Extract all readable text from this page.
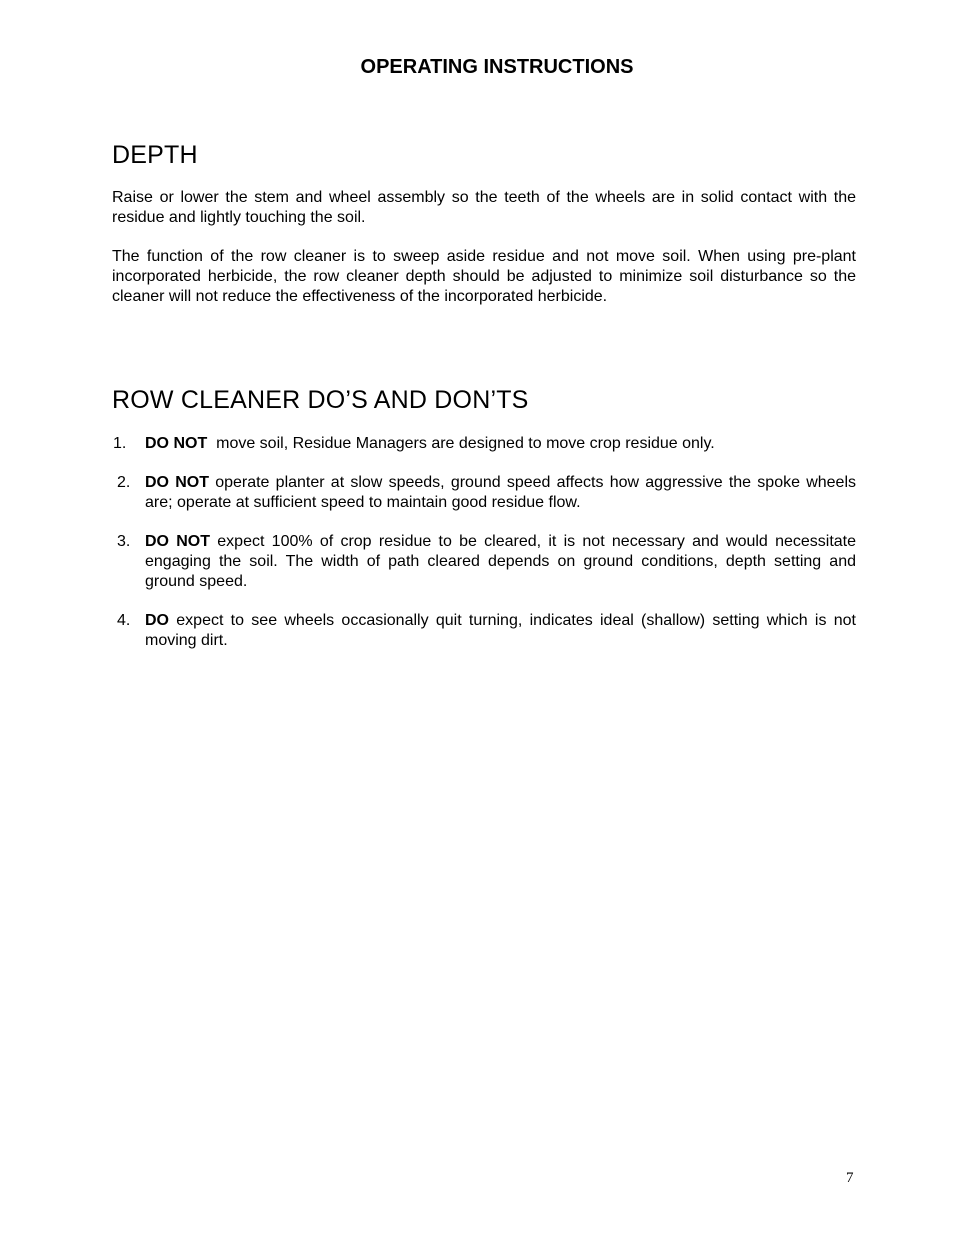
OPERATING INSTRUCTIONS
DEPTH

Raise or lower the stem and wheel assembly so the teeth of the wheels are in solid contact with the residue and lightly touching the soil.

The function of the row cleaner is to sweep aside residue and not move soil. When using pre-plant incorporated herbicide, the row cleaner depth should be adjusted to minimize soil disturbance so the cleaner will not reduce the effectiveness of the incorporated herbicide.

ROW CLEANER DO’S AND DON’TS
1. DO NOT  move soil, Residue Managers are designed to move crop residue only.
2. DO NOT operate planter at slow speeds, ground speed affects how aggressive the spoke wheels are; operate at sufficient speed to maintain good residue flow.
3. DO NOT expect 100% of crop residue to be cleared, it is not necessary and would necessitate engaging the soil. The width of path cleared depends on ground conditions, depth setting and ground speed.
4. DO expect to see wheels occasionally quit turning, indicates ideal (shallow) setting which is not moving dirt.
7
